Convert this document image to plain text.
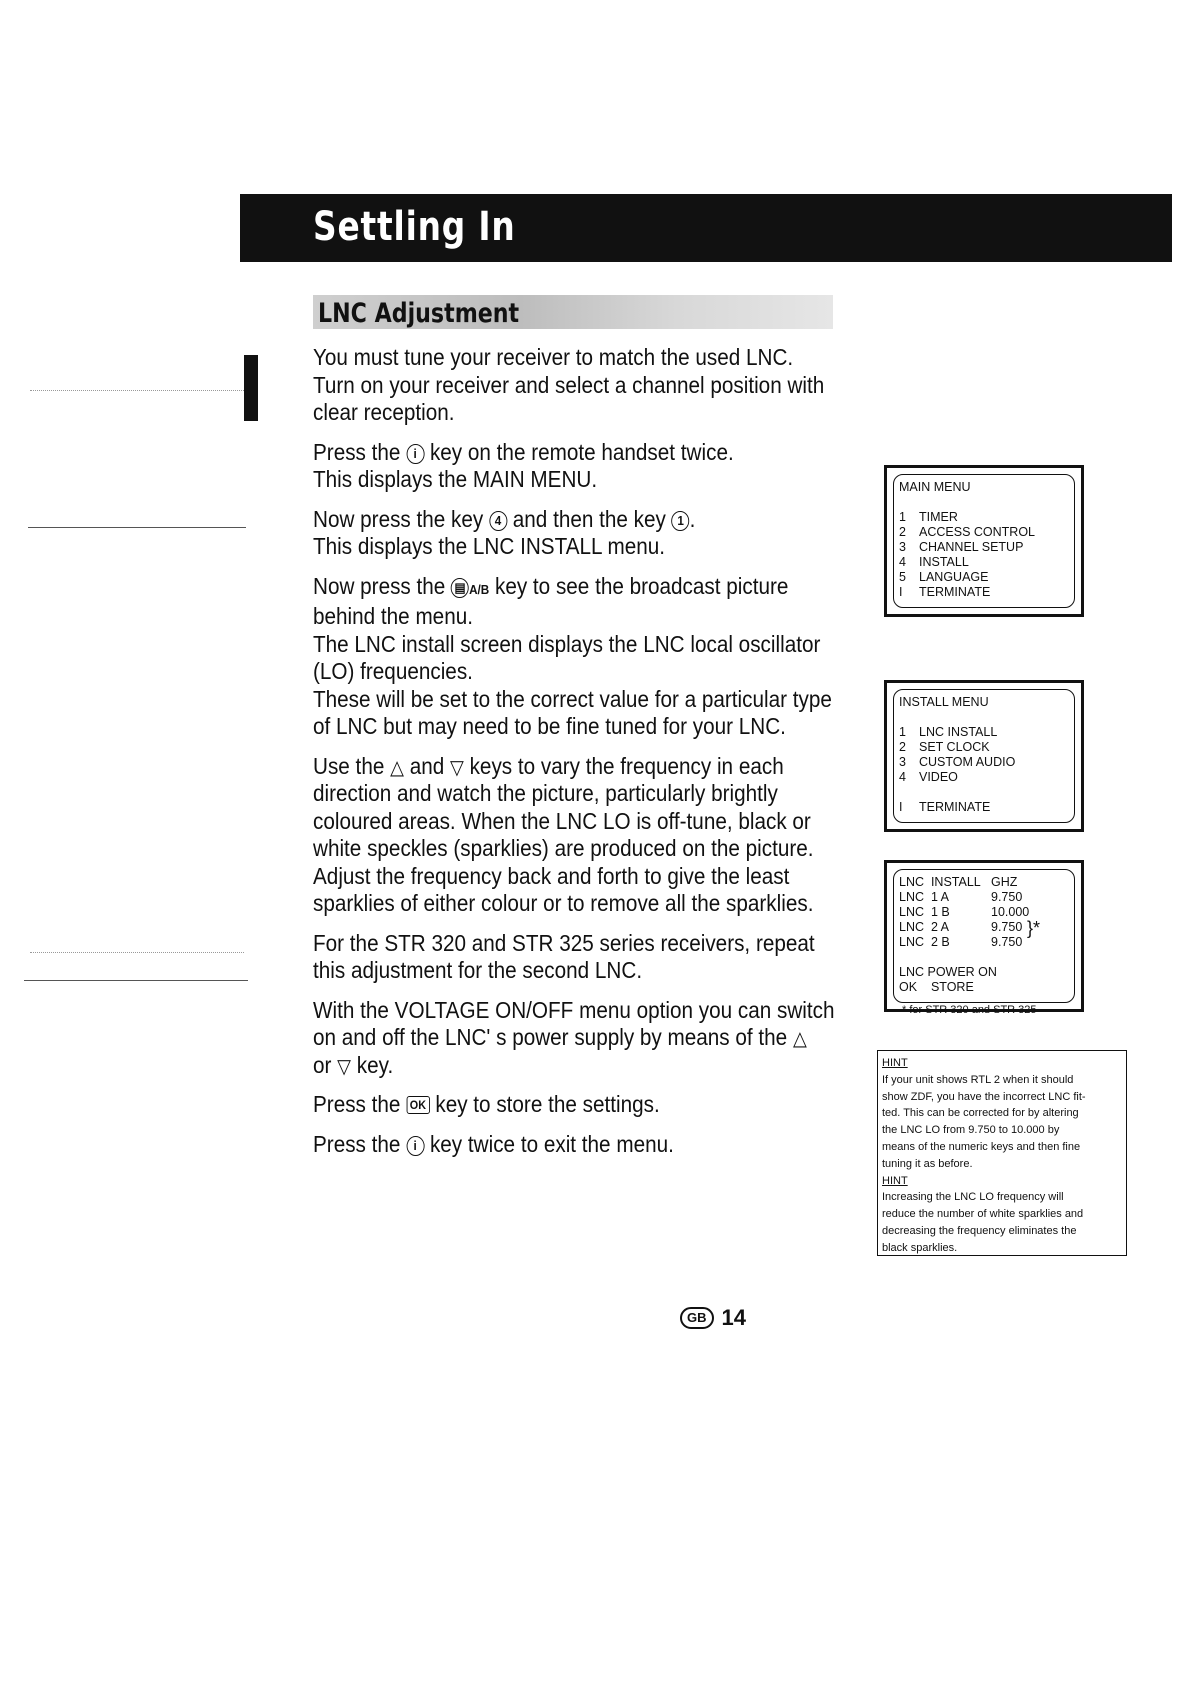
Settling In
LNC Adjustment

You must tune your receiver to match the used LNC.
Turn on your receiver and select a channel position with
clear reception.

Press the i key on the remote handset twice.
This displays the MAIN MENU.

Now press the key 4 and then the key 1 .
This displays the LNC INSTALL menu.

Now press the ▤ A/B key to see the broadcast picture
behind the menu.
The LNC install screen displays the LNC local oscillator
(LO) frequencies.
These will be set to the correct value for a particular type
of LNC but may need to be fine tuned for your LNC.

Use the △ and ▽ keys to vary the frequency in each
direction and watch the picture, particularly brightly
coloured areas. When the LNC LO is off-tune, black or
white speckles (sparklies) are produced on the picture.
Adjust the frequency back and forth to give the least
sparklies of either colour or to remove all the sparklies.

For the STR 320 and STR 325 series receivers, repeat
this adjustment for the second LNC.

With the VOLTAGE ON/OFF menu option you can switch
on and off the LNC' s power supply by means of the △
or ▽ key.

Press the OK key to store the settings.

Press the i key twice to exit the menu.

MAIN MENU
1 TIMER
2 ACCESS CONTROL
3 CHANNEL SETUP
4 INSTALL
5 LANGUAGE
I TERMINATE
INSTALL MENU
1 LNC INSTALL
2 SET CLOCK
3 CUSTOM AUDIO
4 VIDEO
I TERMINATE
LNC  INSTALL GHZ
LNC  1 A	9.750
LNC  1 B	10.000
LNC  2 A	9.750
LNC  2 B	9.750
LNC POWER ON
OK    STORE
}*
* for STR 320 and STR 325
HINT
If your unit shows RTL 2 when it should
show ZDF, you have the incorrect LNC fit-
ted. This can be corrected for by altering
the LNC LO from 9.750 to 10.000 by
means of the numeric keys and then fine
tuning it as before.
HINT
Increasing the LNC LO frequency will
reduce the number of white sparklies and
decreasing the frequency eliminates the
black sparklies.
GB 14
